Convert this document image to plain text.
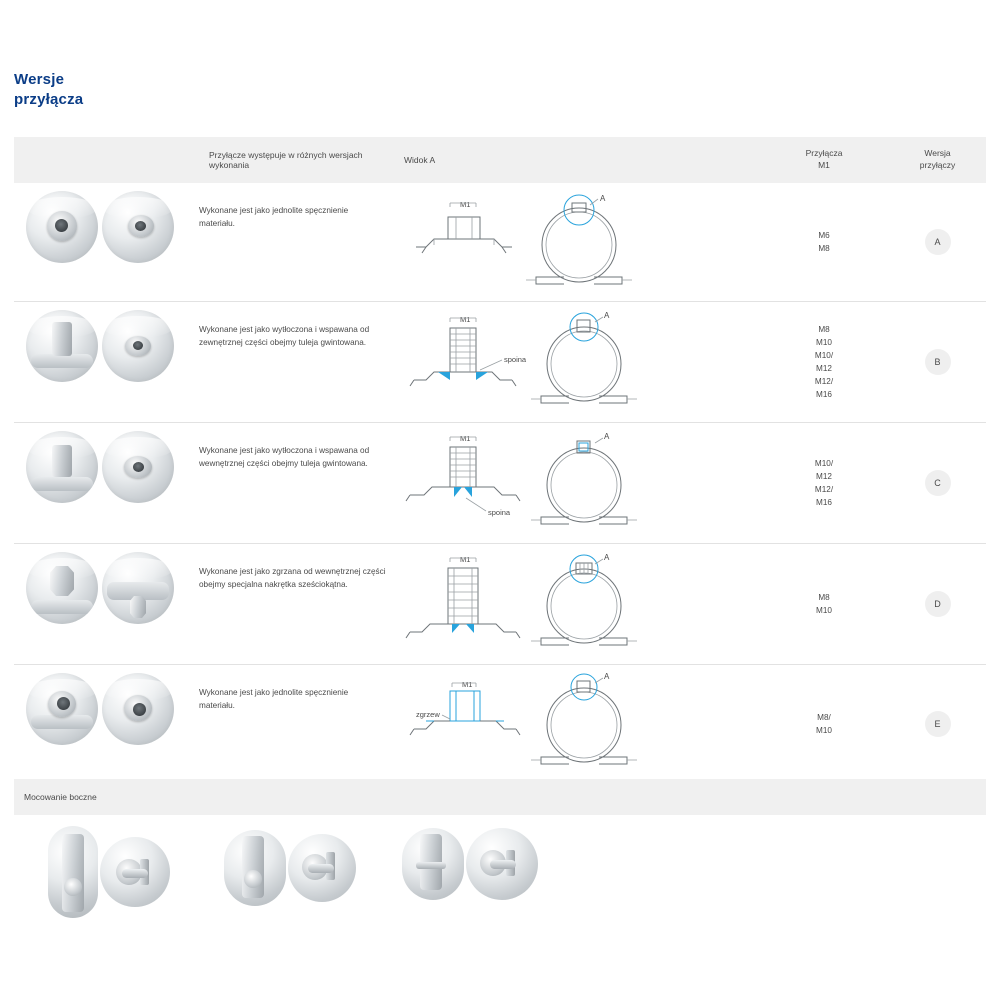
Wersje
przyłącza
Przyłącze występuje w różnych wersjach wykonania	Widok A
Przyłącza
M1
Wersja
przyłączy
Wykonane jest jako jednolite spęcznienie materiału.
M1
A
M6
M8
A
Wykonane jest jako wytłoczona i wspawana od zewnętrznej części obejmy tuleja gwintowana.
M1
spoina
A
M8
M10
M10/
M12
M12/
M16
B
Wykonane jest jako wytłoczona i wspawana od wewnętrznej części obejmy tuleja gwintowana.
M1
spoina
A
M10/
M12
M12/
M16
C
Wykonane jest jako zgrzana od wewnętrznej części obejmy specjalna nakrętka sześciokątna.
M1	A
M8
M10
D
Wykonane jest jako jednolite spęcznienie materiału.
M1
zgrzew
A
M8/
M10
E
Mocowanie boczne
